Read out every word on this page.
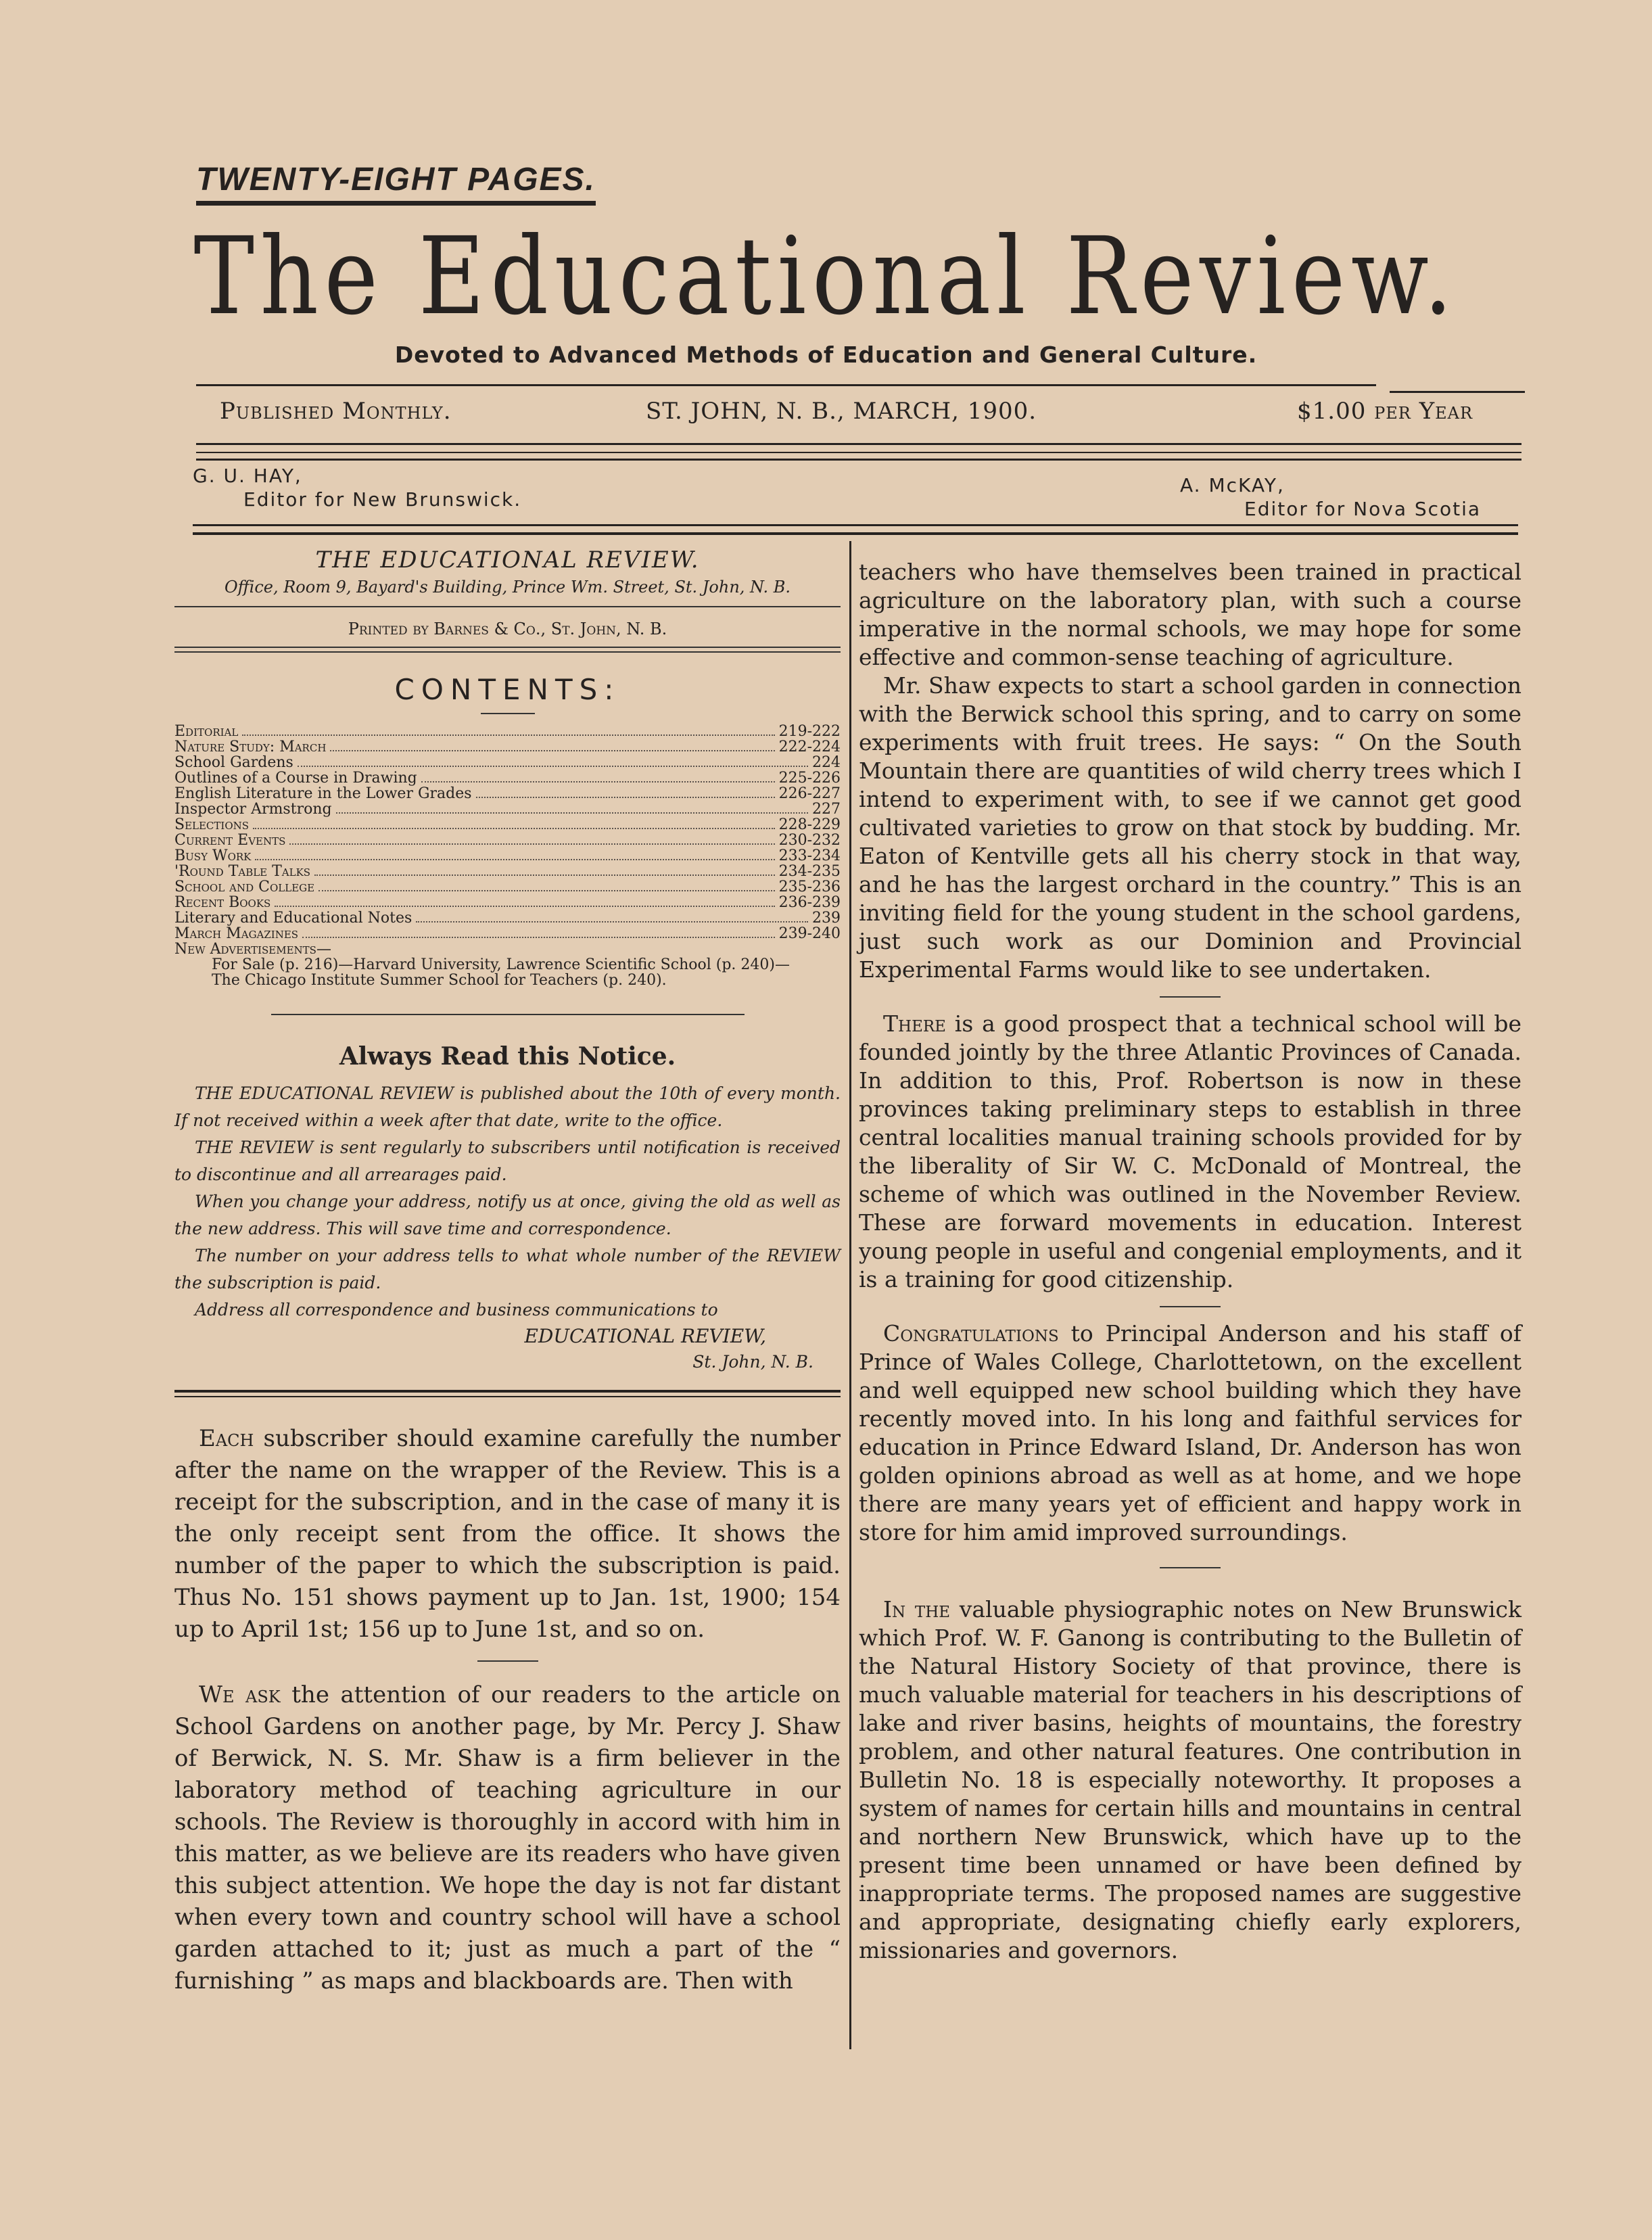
TWENTY-EIGHT PAGES.
The Educational Review.
Devoted to Advanced Methods of Education and General Culture.
Published Monthly.	ST. JOHN, N. B., MARCH, 1900.	$1.00 per Year
G. U. HAY,
Editor for New Brunswick.
A. McKAY,
Editor for Nova Scotia
THE EDUCATIONAL REVIEW.
Office, Room 9, Bayard's Building, Prince Wm. Street, St. John, N. B.
Printed by Barnes & Co., St. John, N. B.
CONTENTS:
Editorial	219-222
Nature Study: March	222-224
School Gardens	224
Outlines of a Course in Drawing	225-226
English Literature in the Lower Grades	226-227
Inspector Armstrong	227
Selections	228-229
Current Events	230-232
Busy Work	233-234
'Round Table Talks	234-235
School and College	235-236
Recent Books	236-239
Literary and Educational Notes	239
March Magazines	239-240
New Advertisements—
For Sale (p. 216)—Harvard University, Lawrence Scientific School (p. 240)—The Chicago Institute Summer School for Teachers (p. 240).
Always Read this Notice.

THE EDUCATIONAL REVIEW is published about the 10th of every month. If not received within a week after that date, write to the office.

THE REVIEW is sent regularly to subscribers until notification is received to discontinue and all arrearages paid.

When you change your address, notify us at once, giving the old as well as the new address. This will save time and correspondence.

The number on your address tells to what whole number of the REVIEW the subscription is paid.

Address all correspondence and business communications to

EDUCATIONAL REVIEW,
St. John, N. B.

Each subscriber should examine carefully the number after the name on the wrapper of the Review. This is a receipt for the subscription, and in the case of many it is the only receipt sent from the office. It shows the number of the paper to which the subscription is paid. Thus No. 151 shows payment up to Jan. 1st, 1900; 154 up to April 1st; 156 up to June 1st, and so on.

We ask the attention of our readers to the article on School Gardens on another page, by Mr. Percy J. Shaw of Berwick, N. S. Mr. Shaw is a firm believer in the laboratory method of teaching agriculture in our schools. The Review is thoroughly in accord with him in this matter, as we believe are its readers who have given this subject attention. We hope the day is not far distant when every town and country school will have a school garden attached to it; just as much a part of the “ furnishing ” as maps and blackboards are. Then with

teachers who have themselves been trained in practical agriculture on the laboratory plan, with such a course imperative in the normal schools, we may hope for some effective and common-sense teaching of agriculture.

Mr. Shaw expects to start a school garden in connection with the Berwick school this spring, and to carry on some experiments with fruit trees. He says: “ On the South Mountain there are quantities of wild cherry trees which I intend to experiment with, to see if we cannot get good cultivated varieties to grow on that stock by budding. Mr. Eaton of Kentville gets all his cherry stock in that way, and he has the largest orchard in the country.” This is an inviting field for the young student in the school gardens, just such work as our Dominion and Provincial Experimental Farms would like to see undertaken.

There is a good prospect that a technical school will be founded jointly by the three Atlantic Provinces of Canada. In addition to this, Prof. Robertson is now in these provinces taking preliminary steps to establish in three central localities manual training schools provided for by the liberality of Sir W. C. McDonald of Montreal, the scheme of which was outlined in the November Review. These are forward movements in education. Interest young people in useful and congenial employments, and it is a training for good citizenship.

Congratulations to Principal Anderson and his staff of Prince of Wales College, Charlottetown, on the excellent and well equipped new school building which they have recently moved into. In his long and faithful services for education in Prince Edward Island, Dr. Anderson has won golden opinions abroad as well as at home, and we hope there are many years yet of efficient and happy work in store for him amid improved surroundings.

In the valuable physiographic notes on New Brunswick which Prof. W. F. Ganong is contributing to the Bulletin of the Natural History Society of that province, there is much valuable material for teachers in his descriptions of lake and river basins, heights of mountains, the forestry problem, and other natural features. One contribution in Bulletin No. 18 is especially noteworthy. It proposes a system of names for certain hills and mountains in central and northern New Brunswick, which have up to the present time been unnamed or have been defined by inappropriate terms. The proposed names are suggestive and appropriate, designating chiefly early explorers, missionaries and governors.
